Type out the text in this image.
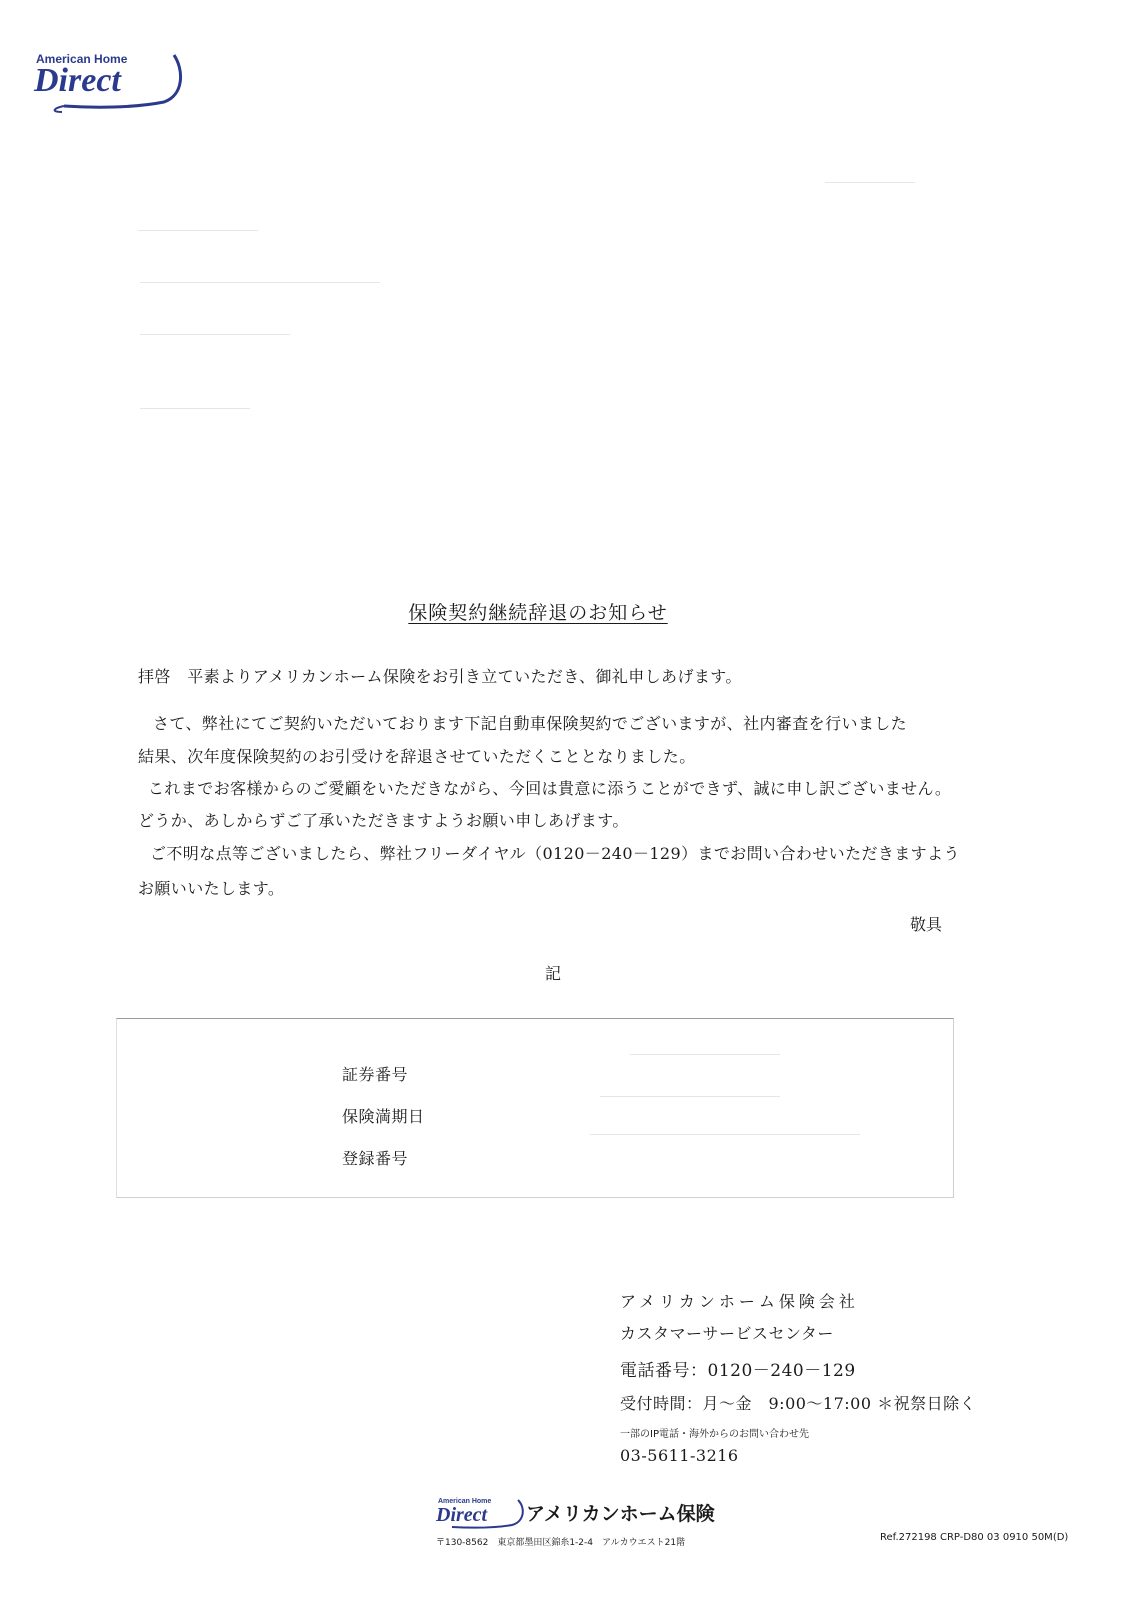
American Home
Direct
保険契約継続辞退のお知らせ
拝啓　平素よりアメリカンホーム保険をお引き立ていただき、御礼申しあげます。
さて、弊社にてご契約いただいております下記自動車保険契約でございますが、社内審査を行いました
結果、次年度保険契約のお引受けを辞退させていただくこととなりました。
これまでお客様からのご愛顧をいただきながら、今回は貴意に添うことができず、誠に申し訳ございません。
どうか、あしからずご了承いただきますようお願い申しあげます。
ご不明な点等ございましたら、弊社フリーダイヤル（0120－240－129）までお問い合わせいただきますよう
お願いいたします。
敬具
記
証券番号
保険満期日
登録番号
アメリカンホーム保険会社
カスタマーサービスセンター
電話番号：0120－240－129
受付時間：月～金　9:00～17:00 ＊祝祭日除く
一部のIP電話・海外からのお問い合わせ先
03-5611-3216
American Home
Direct アメリカンホーム保険
〒130-8562　東京都墨田区錦糸1-2-4　アルカウエスト21階	Ref.272198 CRP-D80 03 0910 50M(D)
